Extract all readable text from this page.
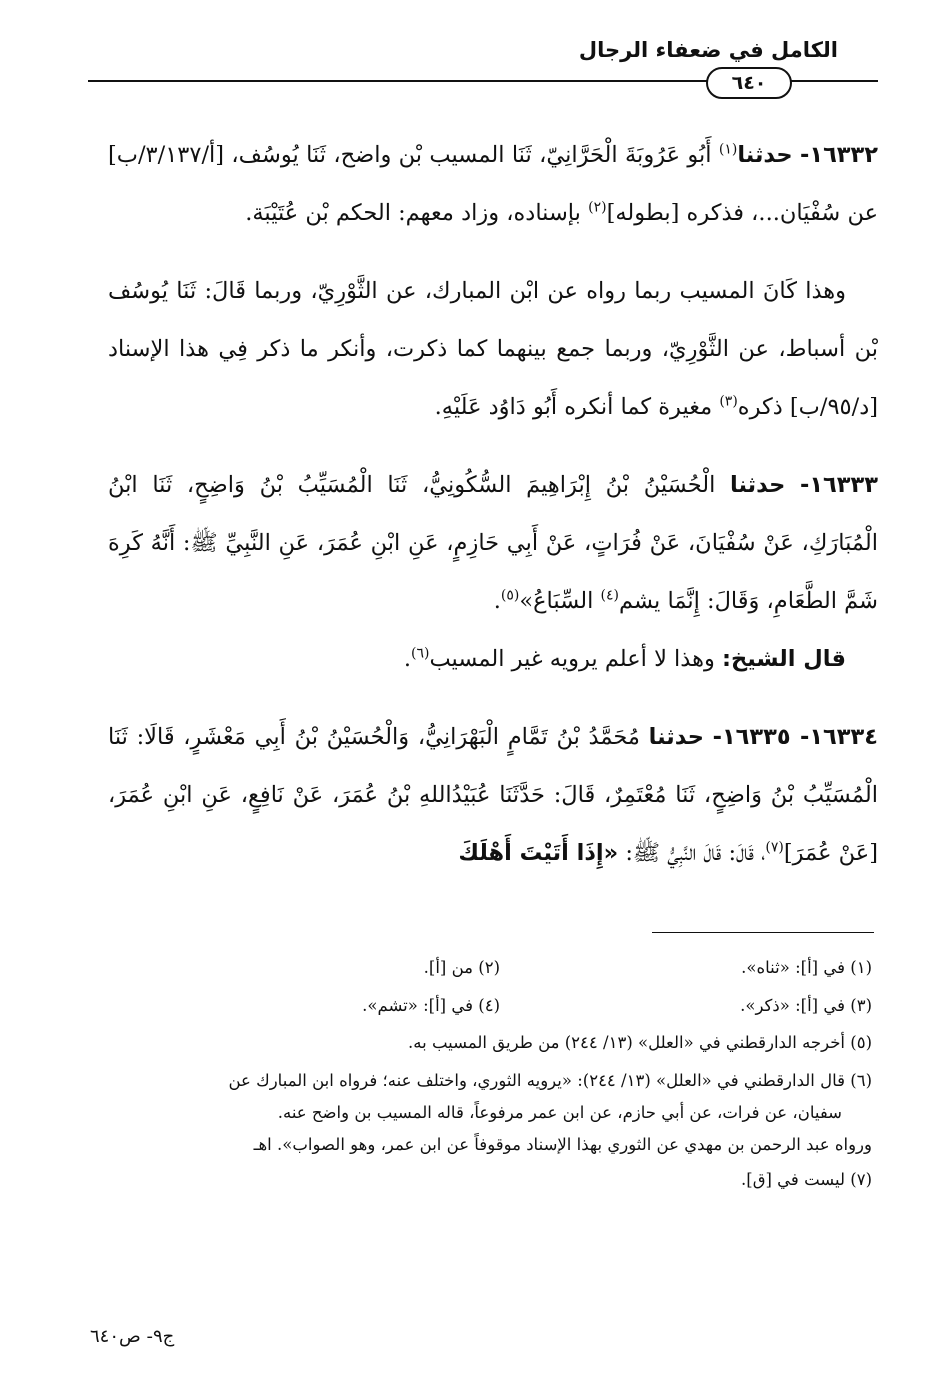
الكامل في ضعفاء الرجال
٦٤٠

١٦٣٣٢- حدثنا$^{(١)}$ أَبُو عَرُوبَةَ الْحَرَّانِيّ، ثَنَا المسيب بْن واضح، ثَنَا يُوسُف، [أ/٣/١٣٧/ب] عن سُفْيَان...، فذكره [بطوله]$^{(٢)}$ بإسناده، وزاد معهم: الحكم بْن عُتَيْبَة.

وهذا كَانَ المسيب ربما رواه عن ابْن المبارك، عن الثَّوْرِيّ، وربما قَالَ: ثَنَا يُوسُف بْن أسباط، عن الثَّوْرِيّ، وربما جمع بينهما كما ذكرت، وأنكر ما ذكر فِي هذا الإسناد [د/٩٥/ب] ذكره$^{(٣)}$ مغيرة كما أنكره أَبُو دَاوُد عَلَيْهِ.

١٦٣٣٣- حدثنا الْحُسَيْنُ بْنُ إِبْرَاهِيمَ السُّكُونِيُّ، ثَنَا الْمُسَيِّبُ بْنُ وَاضِحٍ، ثَنَا ابْنُ الْمُبَارَكِ، عَنْ سُفْيَانَ، عَنْ فُرَاتٍ، عَنْ أَبِي حَازِمٍ، عَنِ ابْنِ عُمَرَ، عَنِ النَّبِيِّ ﷺ: أَنَّهُ كَرِهَ شَمَّ الطَّعَامِ، وَقَالَ: إِنَّمَا يشم$^{(٤)}$ السِّبَاعُ»$^{(٥)}$.

قال الشيخ: وهذا لا أعلم يرويه غير المسيب$^{(٦)}$.

١٦٣٣٤- ١٦٣٣٥- حدثنا مُحَمَّدُ بْنُ تَمَّامٍ الْبَهْرَانِيُّ، وَالْحُسَيْنُ بْنُ أَبِي مَعْشَرٍ، قَالَا: ثَنَا الْمُسَيِّبُ بْنُ وَاضِحٍ، ثَنَا مُعْتَمِرٌ، قَالَ: حَدَّثَنَا عُبَيْدُاللهِ بْنُ عُمَرَ، عَنْ نَافِعٍ، عَنِ ابْنِ عُمَرَ، [عَنْ عُمَرَ]$^{(٧)}$، قَالَ: قَالَ النَّبِيُّ ﷺ: «إِذَا أَتَيْتَ أَهْلَكَ

(١) في [أ]: «ثناه».
(٢) من [أ].
(٣) في [أ]: «ذكر».
(٤) في [أ]: «تشم».
(٥) أخرجه الدارقطني في «العلل» (١٣/ ٢٤٤) من طريق المسيب به.
(٦) قال الدارقطني في «العلل» (١٣/ ٢٤٤): «يرويه الثوري، واختلف عنه؛ فرواه ابن المبارك عن
سفيان، عن فرات، عن أبي حازم، عن ابن عمر مرفوعاً، قاله المسيب بن واضح عنه.
ورواه عبد الرحمن بن مهدي عن الثوري بهذا الإسناد موقوفاً عن ابن عمر، وهو الصواب». اهـ
(٧) ليست في [ق].
ج٩- ص٦٤٠
